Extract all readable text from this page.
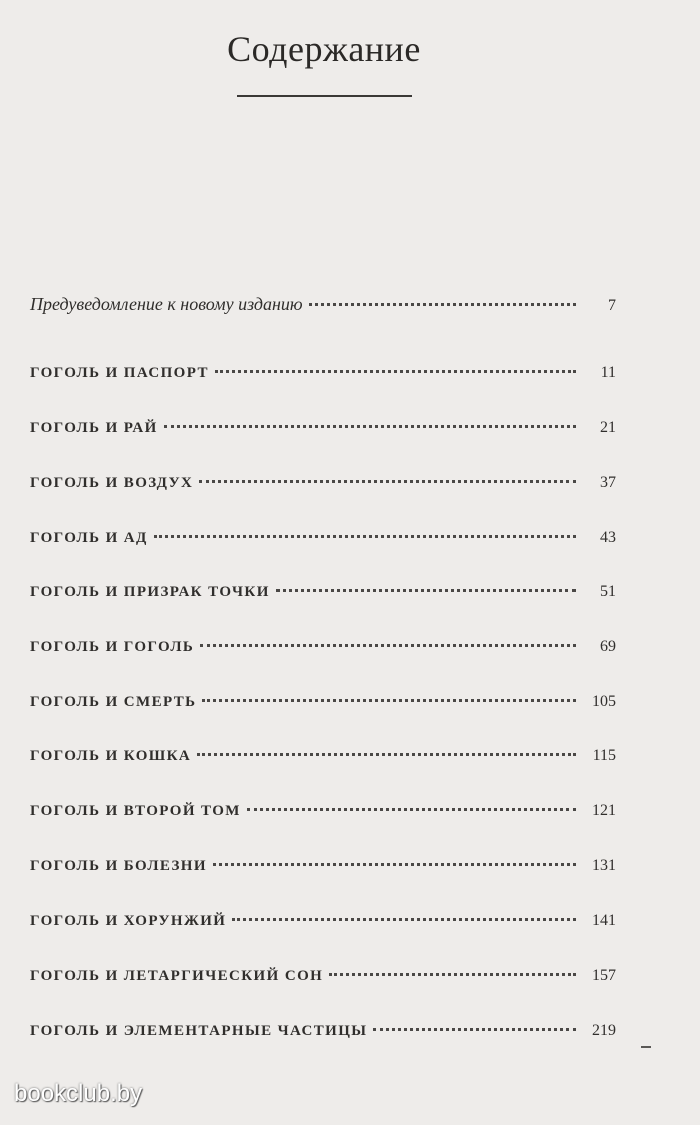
Содержание
Предуведомление к новому изданию	7
ГОГОЛЬ И ПАСПОРТ	11
ГОГОЛЬ И РАЙ	21
ГОГОЛЬ И ВОЗДУХ	37
ГОГОЛЬ И АД	43
ГОГОЛЬ И ПРИЗРАК ТОЧКИ	51
ГОГОЛЬ И ГОГОЛЬ	69
ГОГОЛЬ И СМЕРТЬ	105
ГОГОЛЬ И КОШКА	115
ГОГОЛЬ И ВТОРОЙ ТОМ	121
ГОГОЛЬ И БОЛЕЗНИ	131
ГОГОЛЬ И ХОРУНЖИЙ	141
ГОГОЛЬ И ЛЕТАРГИЧЕСКИЙ СОН	157
ГОГОЛЬ И ЭЛЕМЕНТАРНЫЕ ЧАСТИЦЫ	219
bookclub.by
